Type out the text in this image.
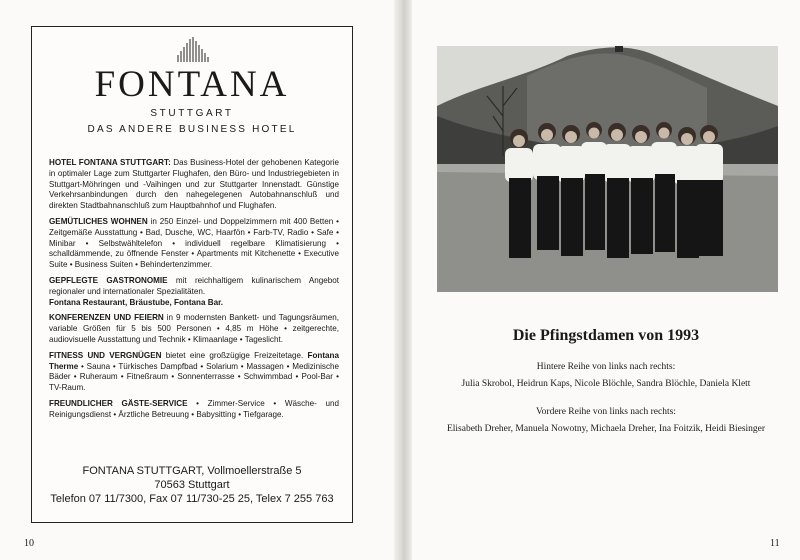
FONTANA
STUTTGART
DAS ANDERE BUSINESS HOTEL

HOTEL FONTANA STUTTGART: Das Business-Hotel der gehobenen Kategorie in optimaler Lage zum Stuttgarter Flughafen, den Büro- und Industriegebieten in Stuttgart-Möhringen und -Vaihingen und zur Stuttgarter Innenstadt. Günstige Verkehrsanbindungen durch den nahegelegenen Autobahnanschluß und direkten Stadtbahnanschluß zum Hauptbahnhof und Flughafen.

GEMÜTLICHES WOHNEN in 250 Einzel- und Doppelzimmern mit 400 Betten • Zeitgemäße Ausstattung • Bad, Dusche, WC, Haarfön • Farb-TV, Radio • Safe • Minibar • Selbstwähltelefon • individuell regelbare Klimatisierung • schalldämmende, zu öffnende Fenster • Apartments mit Kitchenette • Executive Suite • Business Suiten • Behindertenzimmer.

GEPFLEGTE GASTRONOMIE mit reichhaltigem kulinarischem Angebot regionaler und internationaler Spezialitäten.
Fontana Restaurant, Bräustube, Fontana Bar.

KONFERENZEN UND FEIERN in 9 modernsten Bankett- und Tagungsräumen, variable Größen für 5 bis 500 Personen • 4,85 m Höhe • zeitgerechte, audiovisuelle Ausstattung und Technik • Klimaanlage • Tageslicht.

FITNESS UND VERGNÜGEN bietet eine großzügige Freizeitetage. Fontana Therme • Sauna • Türkisches Dampfbad • Solarium • Massagen • Medizinische Bäder • Ruheraum • Fitneßraum • Sonnenterrasse • Schwimmbad • Pool-Bar • TV-Raum.

FREUNDLICHER GÄSTE-SERVICE • Zimmer-Service • Wäsche- und Reinigungsdienst • Ärztliche Betreuung • Babysitting • Tiefgarage.

FONTANA STUTTGART, Vollmoellerstraße 5
70563 Stuttgart
Telefon 07 11/7300, Fax 07 11/730-25 25, Telex 7 255 763
10
Die Pfingstdamen von 1993
Hintere Reihe von links nach rechts:
Julia Skrobol, Heidrun Kaps, Nicole Blöchle, Sandra Blöchle, Daniela Klett
Vordere Reihe von links nach rechts:
Elisabeth Dreher, Manuela Nowotny, Michaela Dreher, Ina Foitzik, Heidi Biesinger
11
